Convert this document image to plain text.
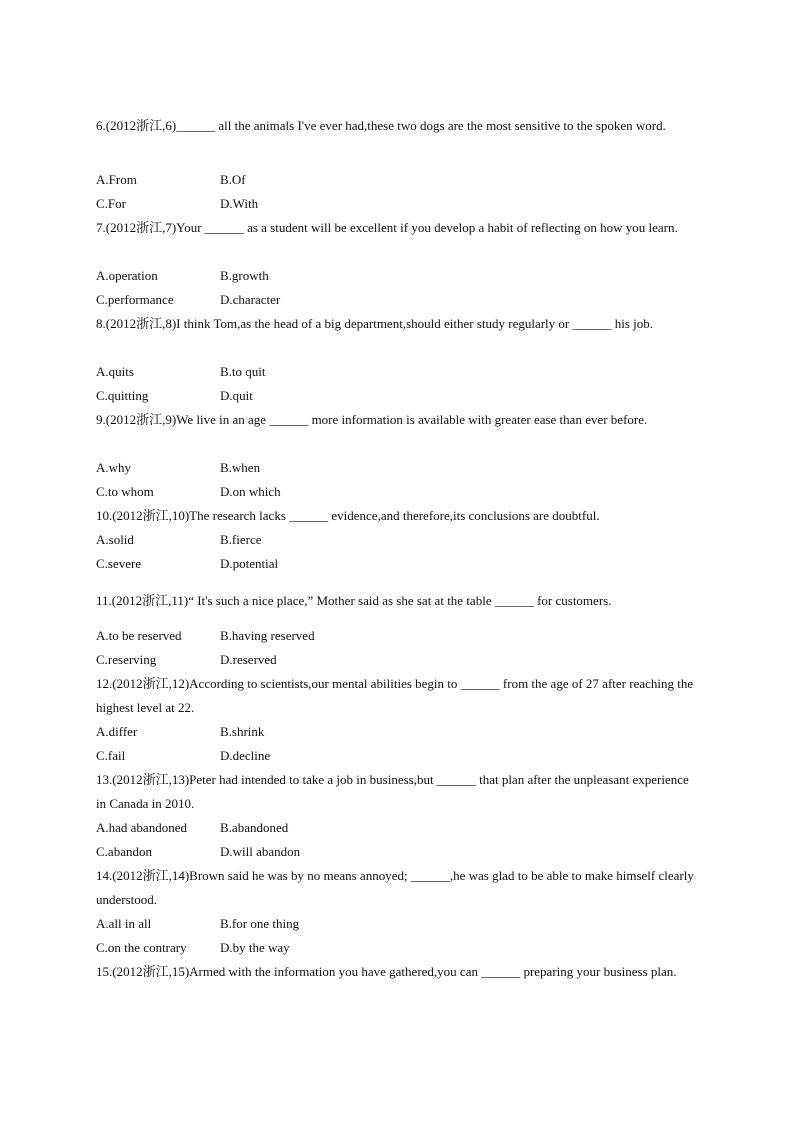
6.(2012浙江,6)______ all the animals I've ever had,these two dogs are the most sensitive to the spoken word.

A.From	B.Of
C.For	D.With

7.(2012浙江,7)Your ______ as a student will be excellent if you develop a habit of reflecting on how you learn.

A.operation	B.growth
C.performance	D.character

8.(2012浙江,8)I think Tom,as the head of a big department,should either study regularly or ______ his job.

A.quits	B.to quit
C.quitting	D.quit

9.(2012浙江,9)We live in an age ______ more information is available with greater ease than ever before.

A.why	B.when
C.to whom	D.on which

10.(2012浙江,10)The research lacks ______ evidence,and therefore,its conclusions are doubtful.

A.solid	B.fierce
C.severe	D.potential

11.(2012浙江,11)“ It's such a nice place,” Mother said as she sat at the table ______ for customers.

A.to be reserved	B.having reserved
C.reserving	D.reserved

12.(2012浙江,12)According to scientists,our mental abilities begin to ______ from the age of 27 after reaching the highest level at 22.

A.differ	B.shrink
C.fail	D.decline

13.(2012浙江,13)Peter had intended to take a job in business,but ______ that plan after the unpleasant experience in Canada in 2010.

A.had abandoned	B.abandoned
C.abandon	D.will abandon

14.(2012浙江,14)Brown said he was by no means annoyed; ______,he was glad to be able to make himself clearly understood.

A.all in all	B.for one thing
C.on the contrary	D.by the way

15.(2012浙江,15)Armed with the information you have gathered,you can ______ preparing your business plan.
